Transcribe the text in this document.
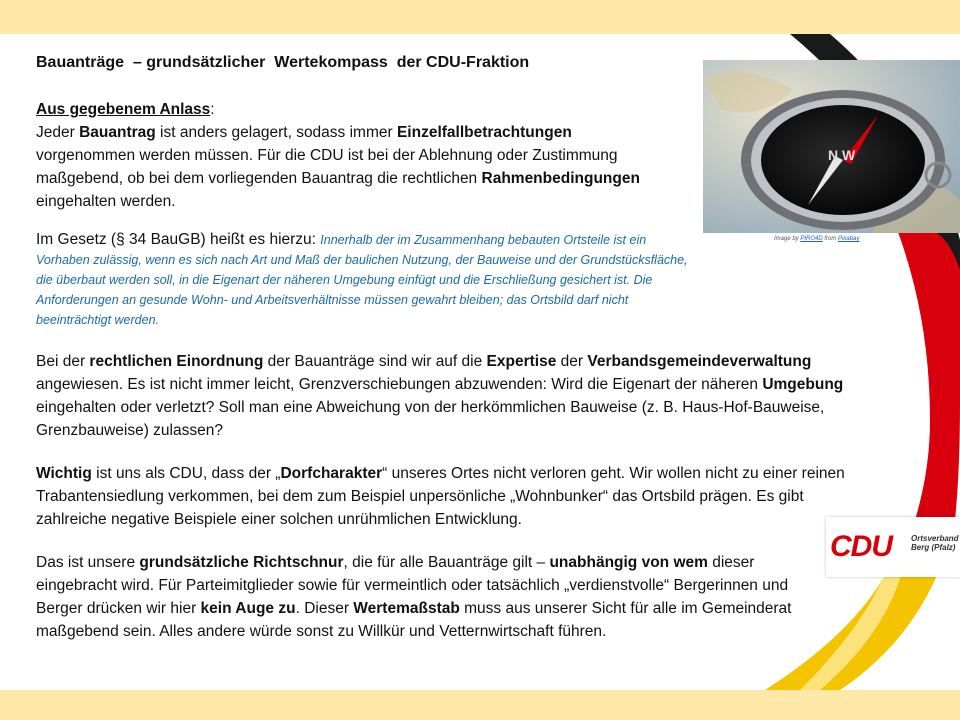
N W
Image by PIRO4D from Pixabay
CDU Ortsverband
Berg (Pfalz)
Bauanträge  – grundsätzlicher  Wertekompass  der CDU-Fraktion
Aus gegebenem Anlass:
Jeder Bauantrag ist anders gelagert, sodass immer Einzelfallbetrachtungen vorgenommen werden müssen. Für die CDU ist bei der Ablehnung oder Zustimmung maßgebend, ob bei dem vorliegenden Bauantrag die rechtlichen Rahmenbedingungen eingehalten werden.
Im Gesetz (§ 34 BauGB) heißt es hierzu: Innerhalb der im Zusammenhang bebauten Ortsteile ist ein Vorhaben zulässig, wenn es sich nach Art und Maß der baulichen Nutzung, der Bauweise und der Grundstücksfläche, die überbaut werden soll, in die Eigenart der näheren Umgebung einfügt und die Erschließung gesichert ist. Die Anforderungen an gesunde Wohn- und Arbeitsverhältnisse müssen gewahrt bleiben; das Ortsbild darf nicht beeinträchtigt werden.
Bei der rechtlichen Einordnung der Bauanträge sind wir auf die Expertise der Verbandsgemeindeverwaltung angewiesen. Es ist nicht immer leicht, Grenzverschiebungen abzuwenden: Wird die Eigenart der näheren Umgebung eingehalten oder verletzt? Soll man eine Abweichung von der herkömmlichen Bauweise (z. B. Haus-Hof-Bauweise, Grenzbauweise) zulassen?
Wichtig ist uns als CDU, dass der „Dorfcharakter“ unseres Ortes nicht verloren geht. Wir wollen nicht zu einer reinen Trabantensiedlung verkommen, bei dem zum Beispiel unpersönliche „Wohnbunker“ das Ortsbild prägen. Es gibt zahlreiche negative Beispiele einer solchen unrühmlichen Entwicklung.
Das ist unsere grundsätzliche Richtschnur, die für alle Bauanträge gilt – unabhängig von wem dieser eingebracht wird. Für Parteimitglieder sowie für vermeintlich oder tatsächlich „verdienstvolle“ Bergerinnen und Berger drücken wir hier kein Auge zu. Dieser Wertemaßstab muss aus unserer Sicht für alle im Gemeinderat maßgebend sein. Alles andere würde sonst zu Willkür und Vetternwirtschaft führen.
